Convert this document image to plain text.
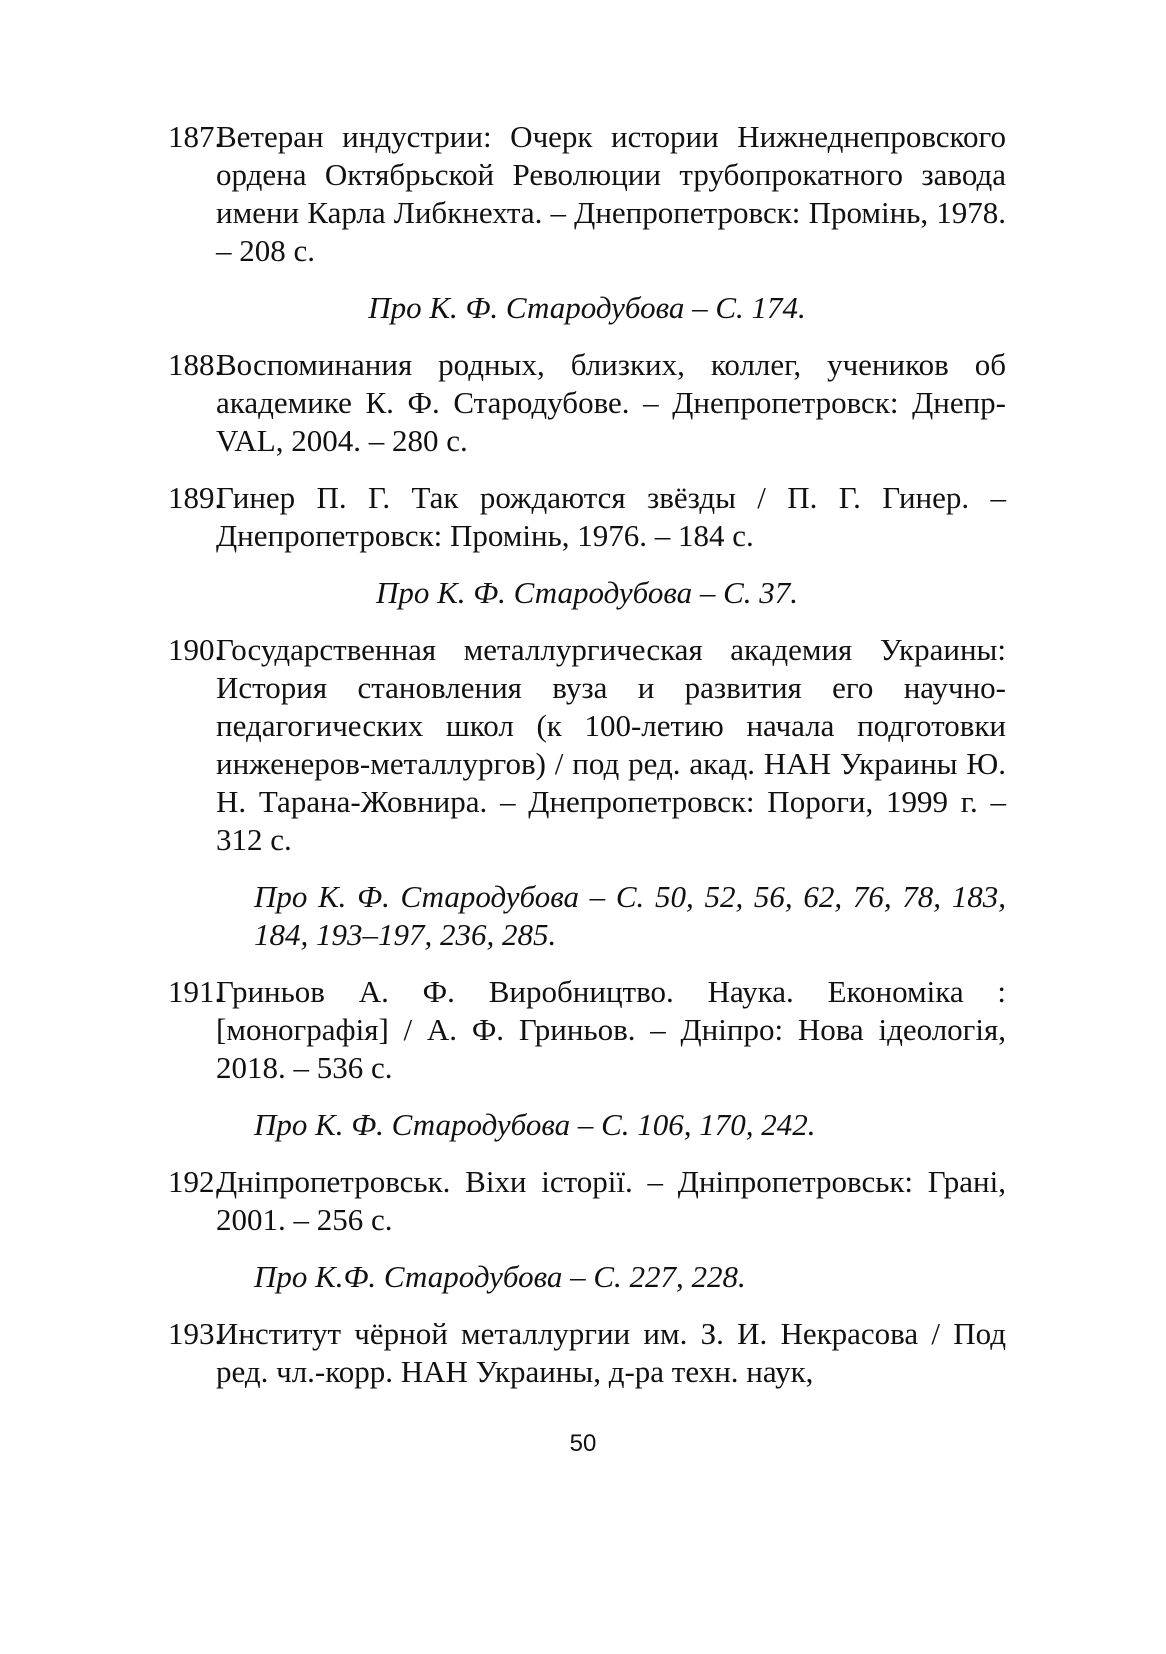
187.
Ветеран индустрии: Очерк истории Нижнеднепровского ордена Октябрьской Революции трубопрокатного завода имени Карла Либкнехта. – Днепропетровск: Промінь, 1978. – 208 с.
Про К. Ф. Стародубова – С. 174.
188.
Воспоминания родных, близких, коллег, учеников об академике К. Ф. Стародубове. – Днепропетровск: Днепр-VAL, 2004. – 280 с.
189.
Гинер П. Г. Так рождаются звёзды / П. Г. Гинер. – Днепропетровск: Промінь, 1976. – 184 с.
Про К. Ф. Стародубова – С. 37.
190.
Государственная металлургическая академия Украины: История становления вуза и развития его научно-педагогических школ (к 100-летию начала подготовки инженеров-металлургов) / под ред. акад. НАН Украины Ю. Н. Тарана-Жовнира. – Днепропетровск: Пороги, 1999 г. – 312 с.
Про К. Ф. Стародубова – С. 50, 52, 56, 62, 76, 78, 183, 184, 193–197, 236, 285.
191.
Гриньов А. Ф. Виробництво. Наука. Економіка : [монографія] / А. Ф. Гриньов. – Дніпро: Нова ідеологія, 2018. – 536 с.
Про К. Ф. Стародубова – С. 106, 170, 242.
192.
Дніпропетровськ. Віхи історії. – Дніпропетровськ: Грані, 2001. – 256 с.
Про К.Ф. Стародубова – С. 227, 228.
193.
Институт чёрной металлургии им. З. И. Некрасова / Под ред. чл.-корр. НАН Украины, д-ра техн. наук,
50
